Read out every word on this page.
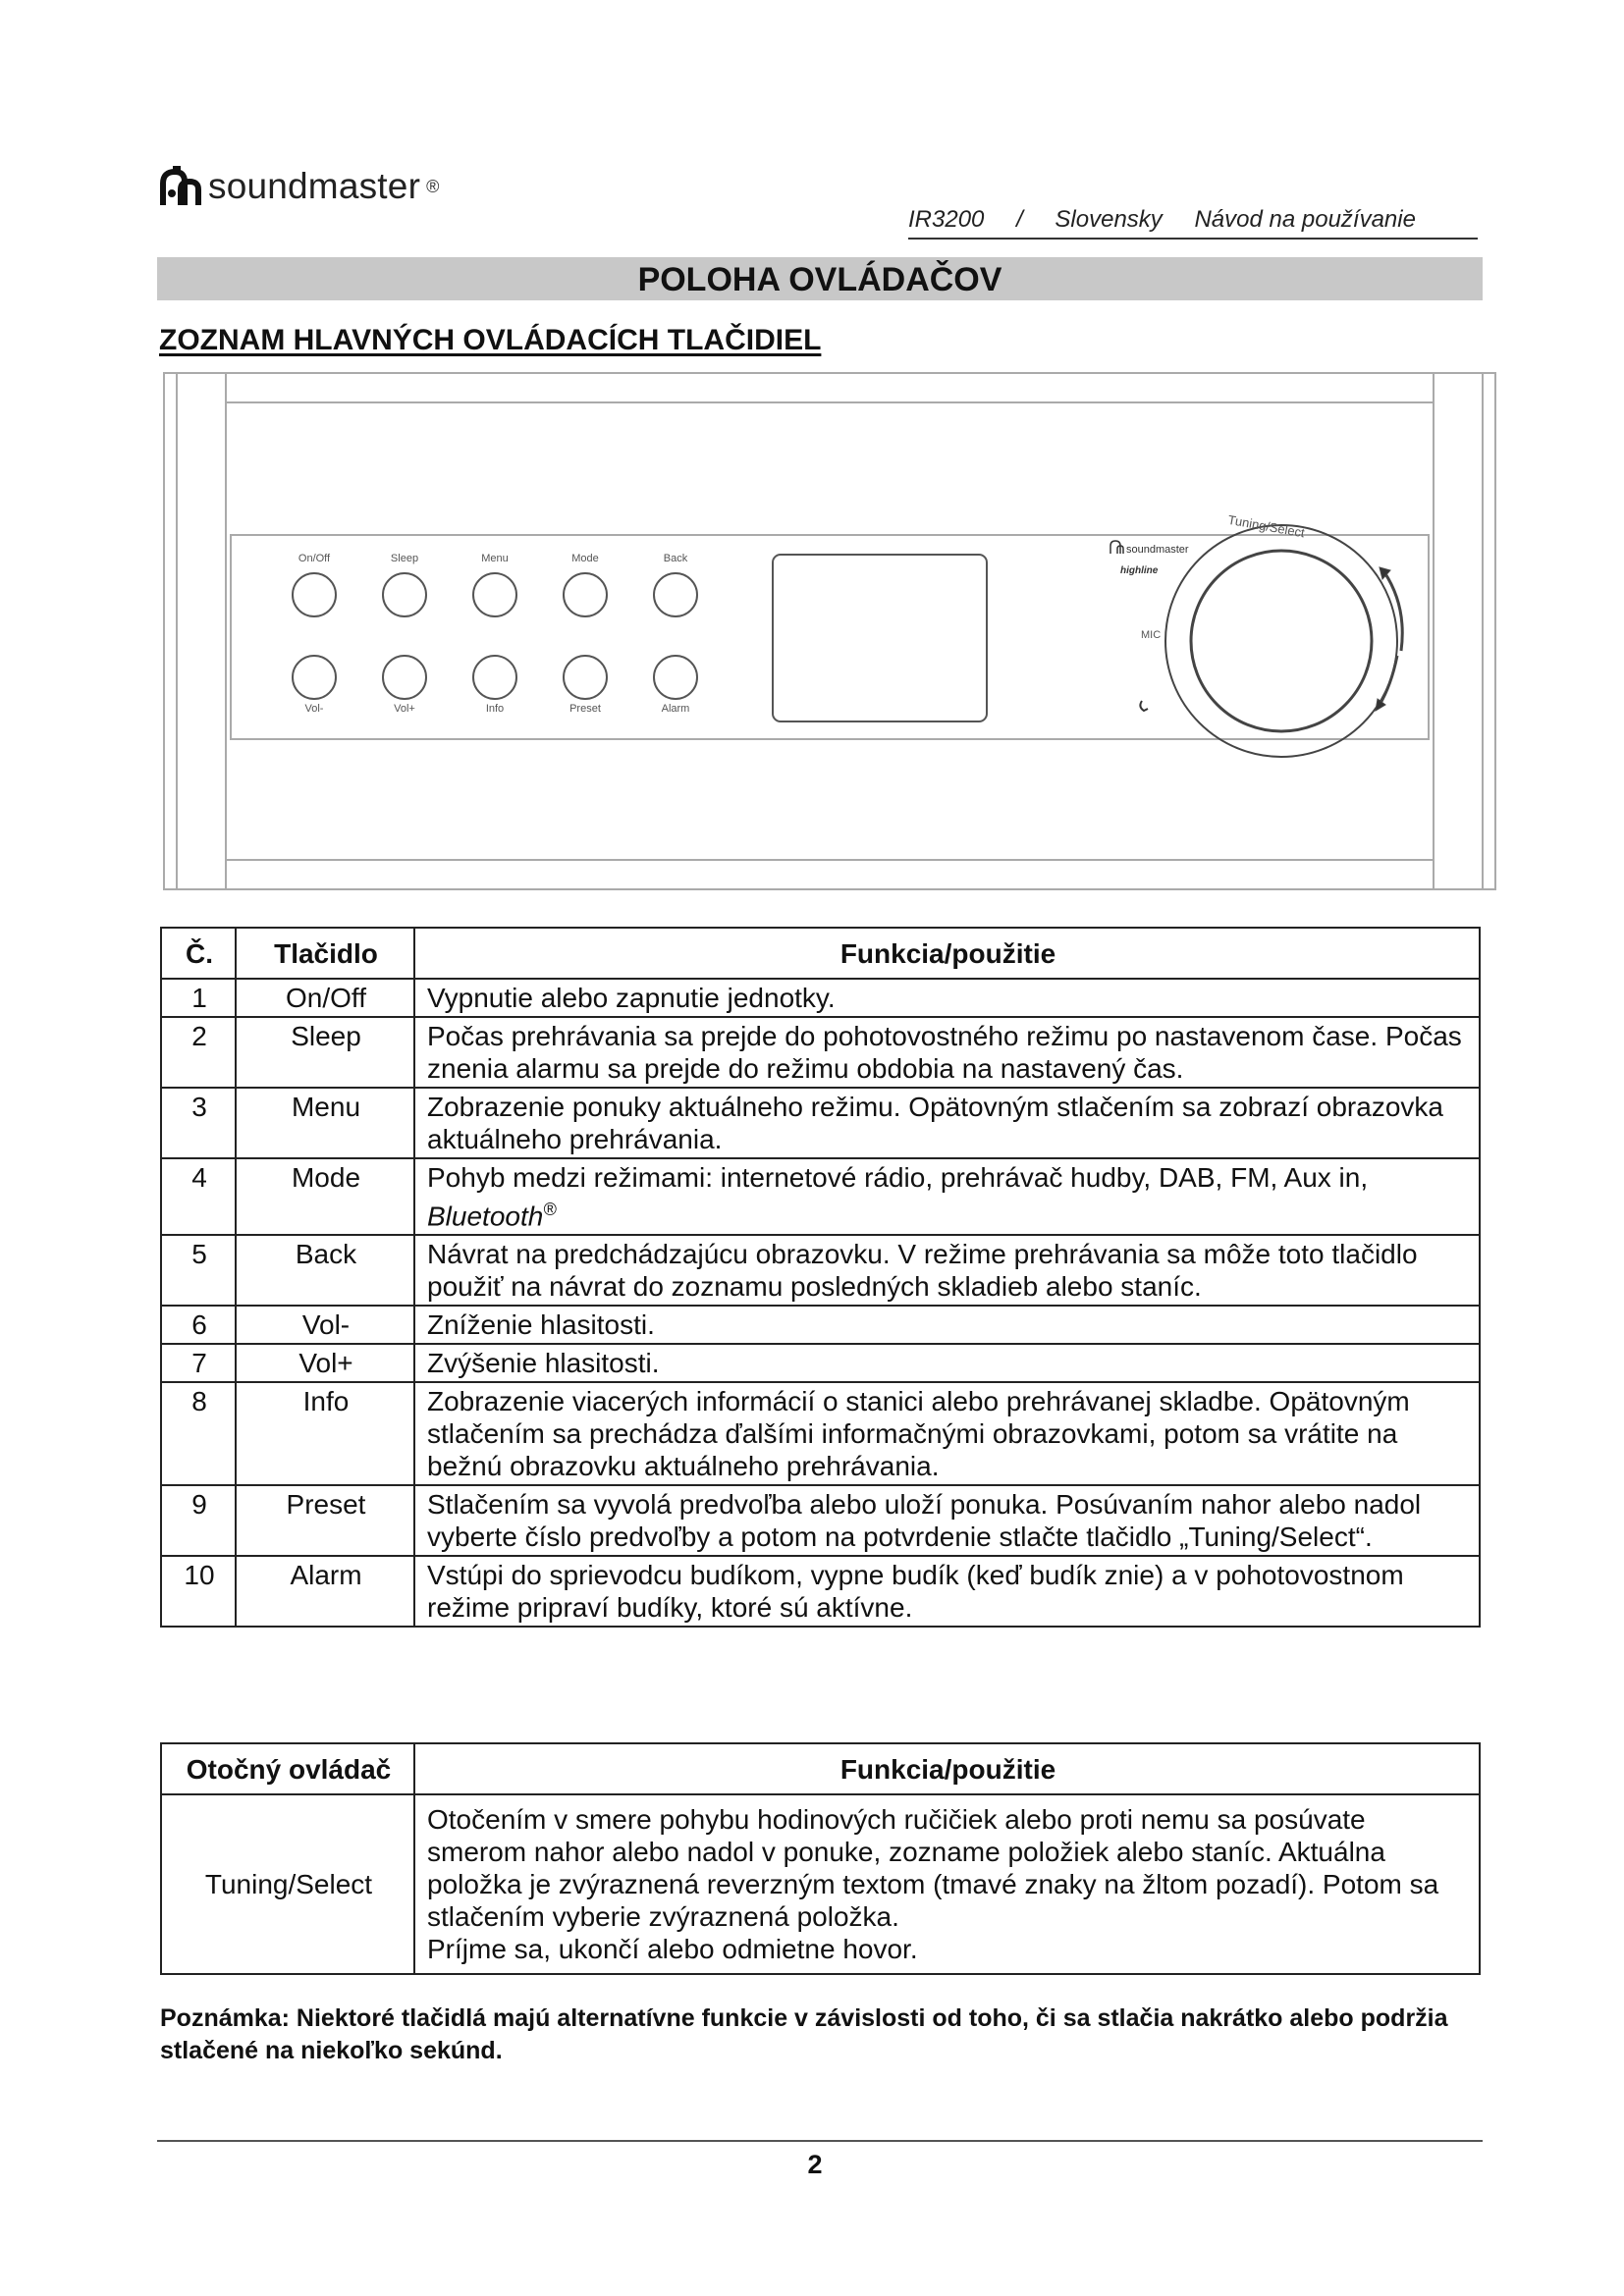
soundmaster ®
IR3200 / Slovensky Návod na používanie
POLOHA OVLÁDAČOV
ZOZNAM HLAVNÝCH OVLÁDACÍCH TLAČIDIEL
On/Off
Vol-
Sleep
Vol+
Menu
Info
Mode
Preset
Back
Alarm
soundmaster
highline
MIC
Tuning/Select
Č.	Tlačidlo	Funkcia/použitie
1	On/Off	Vypnutie alebo zapnutie jednotky.
2	Sleep	Počas prehrávania sa prejde do pohotovostného režimu po nastavenom čase. Počas znenia alarmu sa prejde do režimu obdobia na nastavený čas.
3	Menu	Zobrazenie ponuky aktuálneho režimu. Opätovným stlačením sa zobrazí obrazovka aktuálneho prehrávania.
4	Mode	Pohyb medzi režimami: internetové rádio, prehrávač hudby, DAB, FM, Aux in, Bluetooth®
5	Back	Návrat na predchádzajúcu obrazovku. V režime prehrávania sa môže toto tlačidlo použiť na návrat do zoznamu posledných skladieb alebo staníc.
6	Vol-	Zníženie hlasitosti.
7	Vol+	Zvýšenie hlasitosti.
8	Info	Zobrazenie viacerých informácií o stanici alebo prehrávanej skladbe. Opätovným stlačením sa prechádza ďalšími informačnými obrazovkami, potom sa vrátite na bežnú obrazovku aktuálneho prehrávania.
9	Preset	Stlačením sa vyvolá predvoľba alebo uloží ponuka. Posúvaním nahor alebo nadol vyberte číslo predvoľby a potom na potvrdenie stlačte tlačidlo „Tuning/Select“.
10	Alarm	Vstúpi do sprievodcu budíkom, vypne budík (keď budík znie) a v pohotovostnom režime pripraví budíky, ktoré sú aktívne.
Otočný ovládač	Funkcia/použitie
Tuning/Select	Otočením v smere pohybu hodinových ručičiek alebo proti nemu sa posúvate smerom nahor alebo nadol v ponuke, zozname položiek alebo staníc. Aktuálna položka je zvýraznená reverzným textom (tmavé znaky na žltom pozadí). Potom sa stlačením vyberie zvýraznená položka.
Príjme sa, ukončí alebo odmietne hovor.
Poznámka: Niektoré tlačidlá majú alternatívne funkcie v závislosti od toho, či sa stlačia nakrátko alebo podržia stlačené na niekoľko sekúnd.
2
